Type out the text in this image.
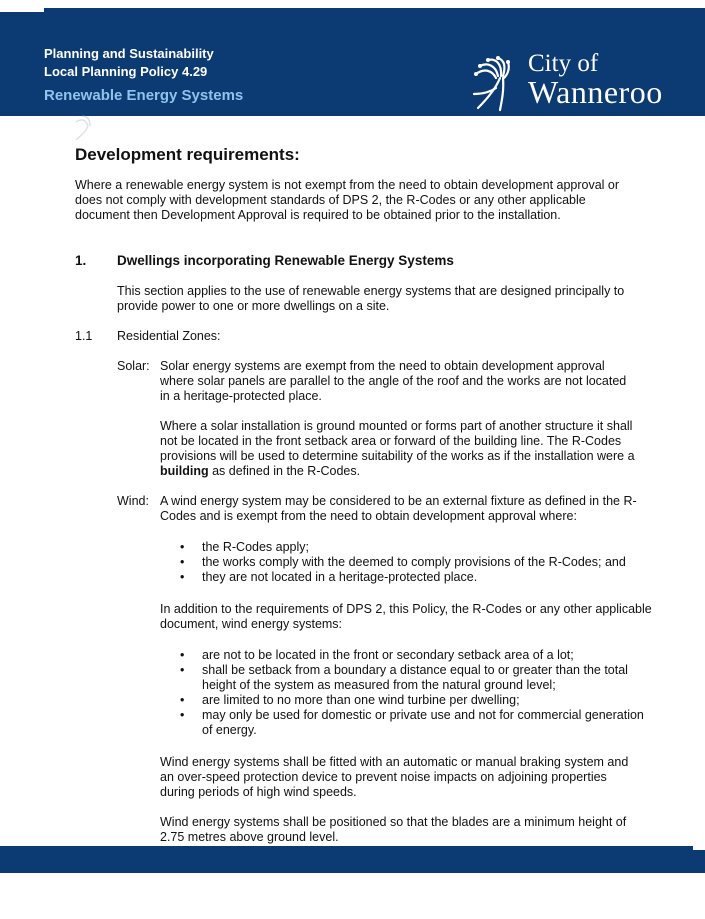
Planning and Sustainability
Local Planning Policy 4.29
Renewable Energy Systems
City of
Wanneroo
Development requirements:
Where a renewable energy system is not exempt from the need to obtain development approval or
does not comply with development standards of DPS 2, the R-Codes or any other applicable
document then Development Approval is required to be obtained prior to the installation.
1. Dwellings incorporating Renewable Energy Systems
This section applies to the use of renewable energy systems that are designed principally to
provide power to one or more dwellings on a site.
1.1 Residential Zones:
Solar: Solar energy systems are exempt from the need to obtain development approval
where solar panels are parallel to the angle of the roof and the works are not located
in a heritage-protected place.
Where a solar installation is ground mounted or forms part of another structure it shall
not be located in the front setback area or forward of the building line. The R-Codes
provisions will be used to determine suitability of the works as if the installation were a
building as defined in the R-Codes.
Wind: A wind energy system may be considered to be an external fixture as defined in the R-
Codes and is exempt from the need to obtain development approval where:
• the R-Codes apply;
• the works comply with the deemed to comply provisions of the R-Codes; and
• they are not located in a heritage-protected place.
In addition to the requirements of DPS 2, this Policy, the R-Codes or any other applicable
document, wind energy systems:
• are not to be located in the front or secondary setback area of a lot;
• shall be setback from a boundary a distance equal to or greater than the total
height of the system as measured from the natural ground level;
• are limited to no more than one wind turbine per dwelling;
• may only be used for domestic or private use and not for commercial generation
of energy.
Wind energy systems shall be fitted with an automatic or manual braking system and
an over-speed protection device to prevent noise impacts on adjoining properties
during periods of high wind speeds.
Wind energy systems shall be positioned so that the blades are a minimum height of
2.75 metres above ground level.
